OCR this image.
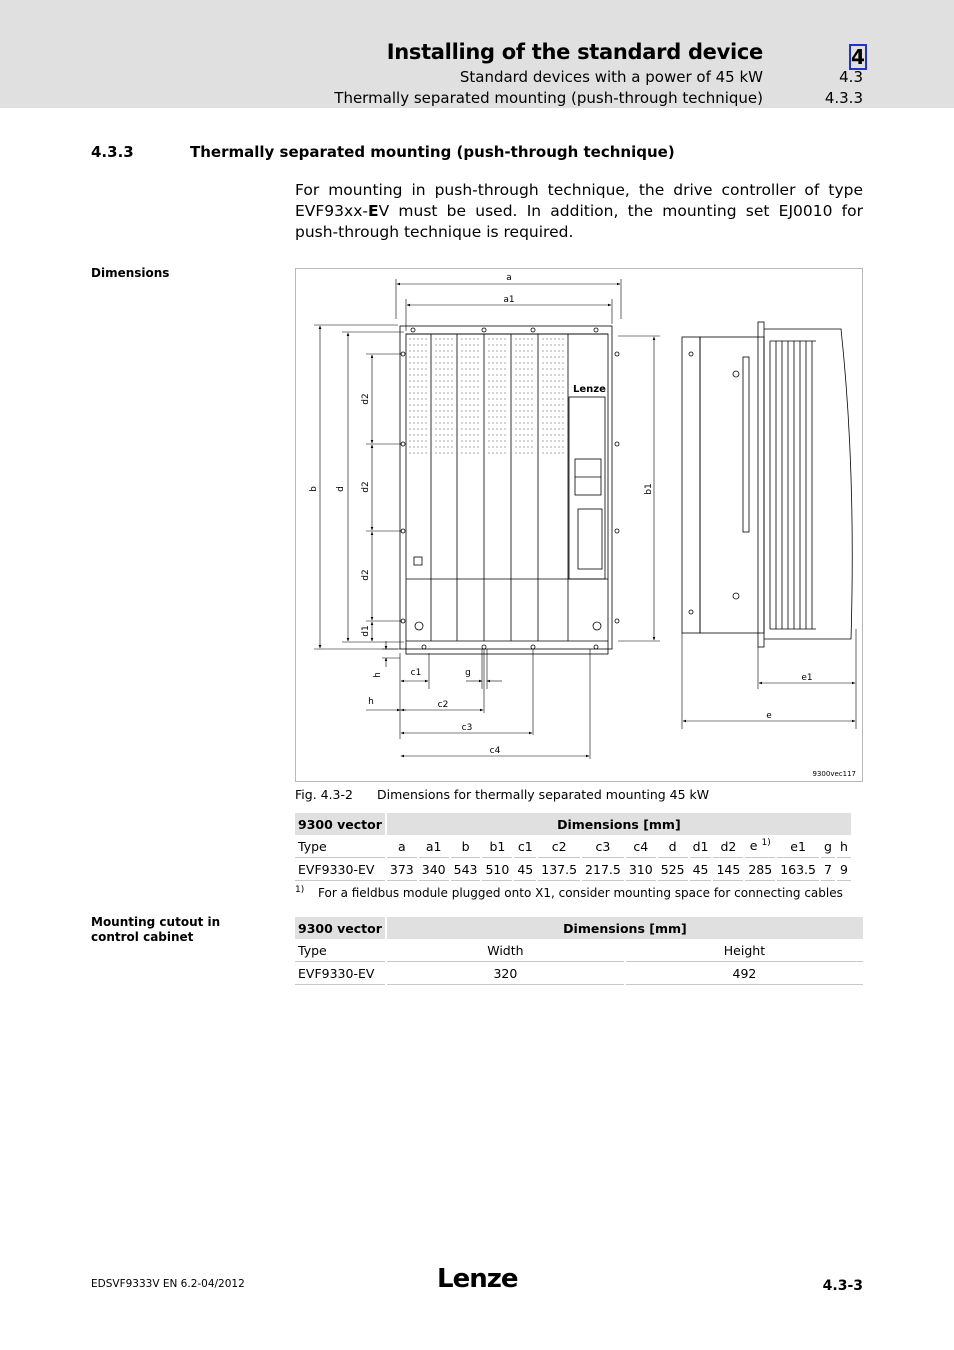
Installing of the standard device	4
Standard devices with a power of 45 kW	4.3
Thermally separated mounting (push-through technique)	4.3.3
4.3.3	Thermally separated mounting (push-through technique)
For mounting in push-through technique, the drive controller of type EVF93xx-EV must be used. In addition, the mounting set EJ0010 for push-through technique is required.
Dimensions
Lenze
a
a1
b d
d2
d2
d2
d1
h
b1
c1	g
h	c2
c3
c4
e1
e
9300vec117
Fig. 4.3-2 Dimensions for thermally separated mounting 45 kW
9300 vector	Dimensions [mm]														
Type	a	a1	b	b1	c1	c2	c3	c4	d	d1	d2	e $^{1)}$	e1	g	h
EVF9330-EV	373	340	543	510	45	137.5	217.5	310	525	45	145	285	163.5	7	9
1) For a fieldbus module plugged onto X1, consider mounting space for connecting cables
Mounting cutout in control cabinet
9300 vector	Dimensions [mm]	
Type	Width	Height
EVF9330-EV	320	492
EDSVF9333V EN 6.2-04/2012	Lenze	4.3-3
